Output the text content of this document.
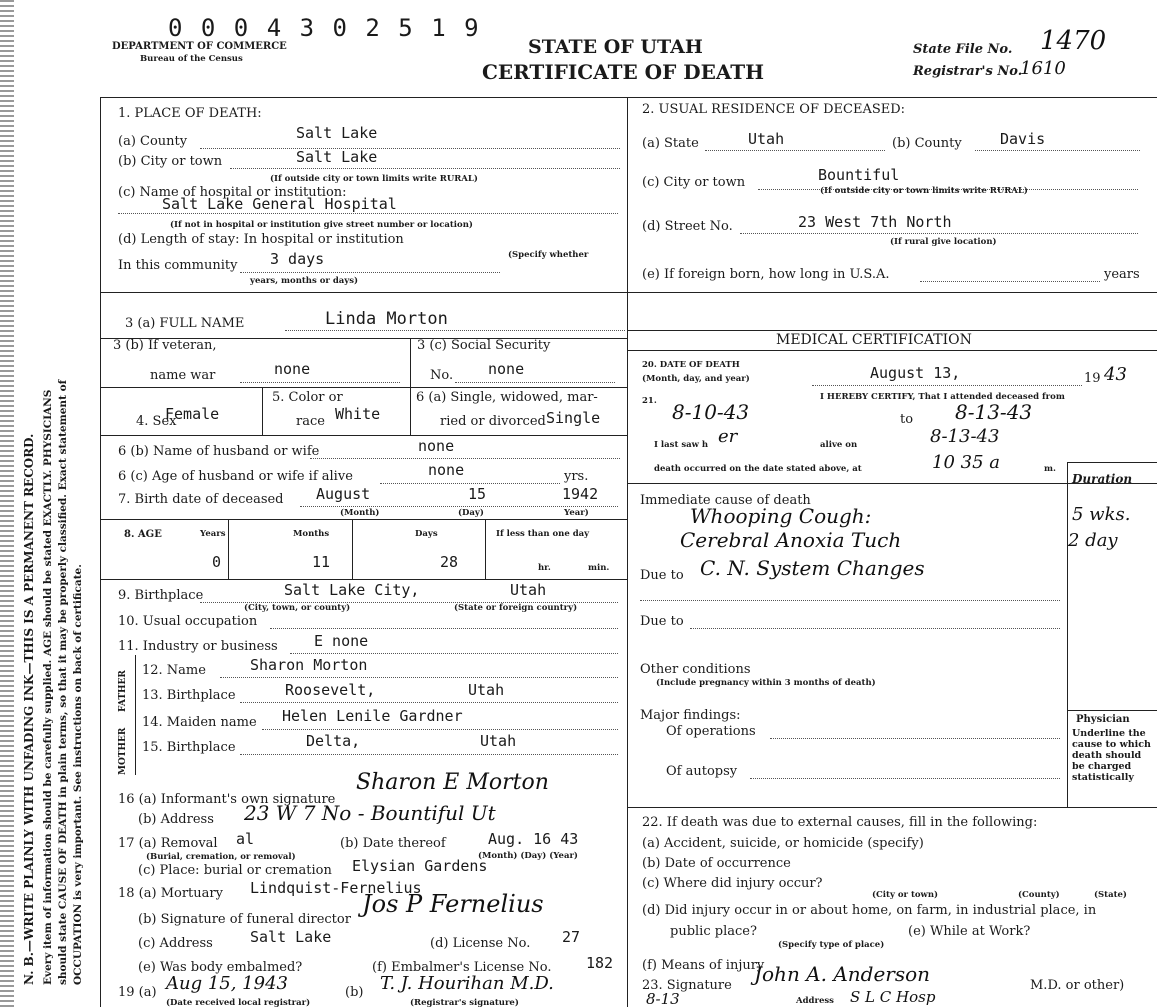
0 0 0 4 3 0 2 5 1 9
DEPARTMENT OF COMMERCE
Bureau of the Census
STATE OF UTAH
CERTIFICATE OF DEATH
State File No. 1470
Registrar's No.
1610
N. B.—WRITE PLAINLY WITH UNFADING INK—THIS IS A PERMANENT RECORD. Every item of information should be carefully supplied. AGE should be stated EXACTLY. PHYSICIANS should state CAUSE OF DEATH in plain terms, so that it may be properly classified. Exact statement of OCCUPATION is very important. See instructions on back of certificate.
1. PLACE OF DEATH:
(a) County	Salt Lake
(b) City or town	Salt Lake
(If outside city or town limits write RURAL)
(c) Name of hospital or institution:
Salt Lake General Hospital
(If not in hospital or institution give street number or location)
(d) Length of stay: In hospital or institution
(Specify whether
In this community 3 days
years, months or days)
2. USUAL RESIDENCE OF DECEASED:
(a) State	Utah	(b) County	Davis
(c) City or town	Bountiful
(If outside city or town limits write RURAL)
(d) Street No.	23 West 7th North
(If rural give location)
(e) If foreign born, how long in U.S.A.	years
3 (a) FULL NAME	Linda Morton
3 (b) If veteran,
name war	none
3 (c) Social Security
No. none
4. Sex
Female
5. Color or
race White
6 (a) Single, widowed, mar-
ried or divorced Single
6 (b) Name of husband or wife	none
6 (c) Age of husband or wife if alive	none	yrs.
7. Birth date of deceased August	15	1942
(Month)	(Day)	Year)
8. AGE	Years	Months	Days	If less than one day
0	11	28	hr.	min.
9. Birthplace	Salt Lake City,	Utah
(City, town, or county)	(State or foreign country)
10. Usual occupation
11. Industry or business E none
FATHER 12. Name	Sharon Morton
13. Birthplace	Roosevelt,	Utah
MOTHER
14. Maiden name Helen Lenile Gardner
15. Birthplace	Delta,	Utah
16 (a) Informant's own signature
Sharon E Morton
(b) Address 23 W 7 No - Bountiful Ut
17 (a) Removal al
(Burial, cremation, or removal)
(b) Date thereof	Aug. 16 43
(Month) (Day) (Year)
(c) Place: burial or cremation Elysian Gardens
18 (a) Mortuary Lindquist-Fernelius
(b) Signature of funeral director
Jos P Fernelius
(c) Address Salt Lake	(d) License No. 27
(e) Was body embalmed?	(f) Embalmer's License No. 182
19 (a) Aug 15, 1943	(b) T. J. Hourihan M.D.
(Date received local registrar)	(Registrar's signature)
MEDICAL CERTIFICATION
20. DATE OF DEATH
(Month, day, and year)	August 13,	19 43
21.	I HEREBY CERTIFY, That I attended deceased from
8-10-43	to 8-13-43
I last saw h er	alive on	8-13-43
death occurred on the date stated above, at	10 35 a	m.
Duration
Immediate cause of death
Whooping Cough:	5 wks.
Cerebral Anoxia Tuch	2 day
Due to C. N. System Changes
Due to
Other conditions
(Include pregnancy within 3 months of death)
Major findings:
Of operations
Of autopsy
Physician
Underline the cause to which death should be charged statistically
22. If death was due to external causes, fill in the following:
(a) Accident, suicide, or homicide (specify)
(b) Date of occurrence
(c) Where did injury occur?
(City or town)	(County)	(State)
(d) Did injury occur in or about home, on farm, in industrial place, in
public place?	(e) While at Work?
(Specify type of place)
(f) Means of injury
23. Signature John A. Anderson	M.D. or other)
8-13	Address S L C Hosp
